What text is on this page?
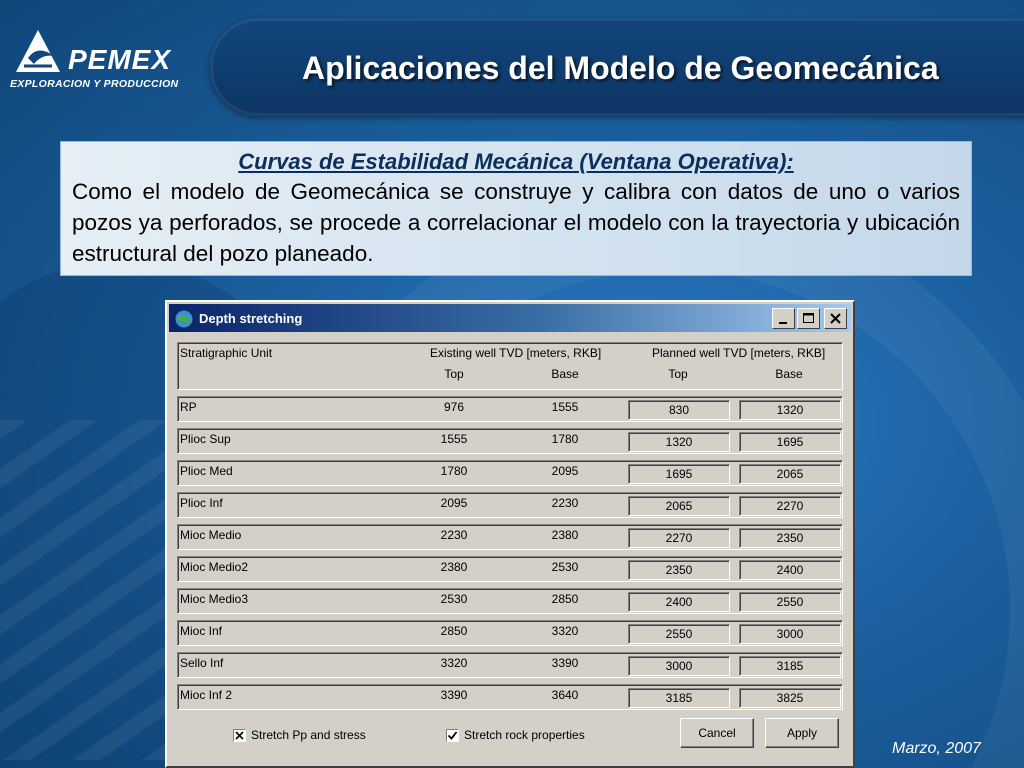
PEMEX
EXPLORACION Y PRODUCCION	Aplicaciones del Modelo de Geomecánica
Curvas de Estabilidad Mecánica (Ventana Operativa):
Como el modelo de Geomecánica se construye y calibra con datos de uno o varios pozos ya perforados, se procede a correlacionar el modelo con la trayectoria y ubicación estructural del pozo planeado.
Depth stretching
Stratigraphic Unit	Existing well TVD [meters, RKB]	Planned well TVD [meters, RKB]
Top	Base	Top	Base
RP	976	1555	830	1320
Plioc Sup	1555	1780	1320	1695
Plioc Med	1780	2095	1695	2065
Plioc Inf	2095	2230	2065	2270
Mioc Medio	2230	2380	2270	2350
Mioc Medio2	2380	2530	2350	2400
Mioc Medio3	2530	2850	2400	2550
Mioc Inf	2850	3320	2550	3000
Sello Inf	3320	3390	3000	3185
Mioc Inf 2	3390	3640	3185	3825
Stretch Pp and stress	Stretch rock properties	Cancel	Apply
Marzo, 2007
